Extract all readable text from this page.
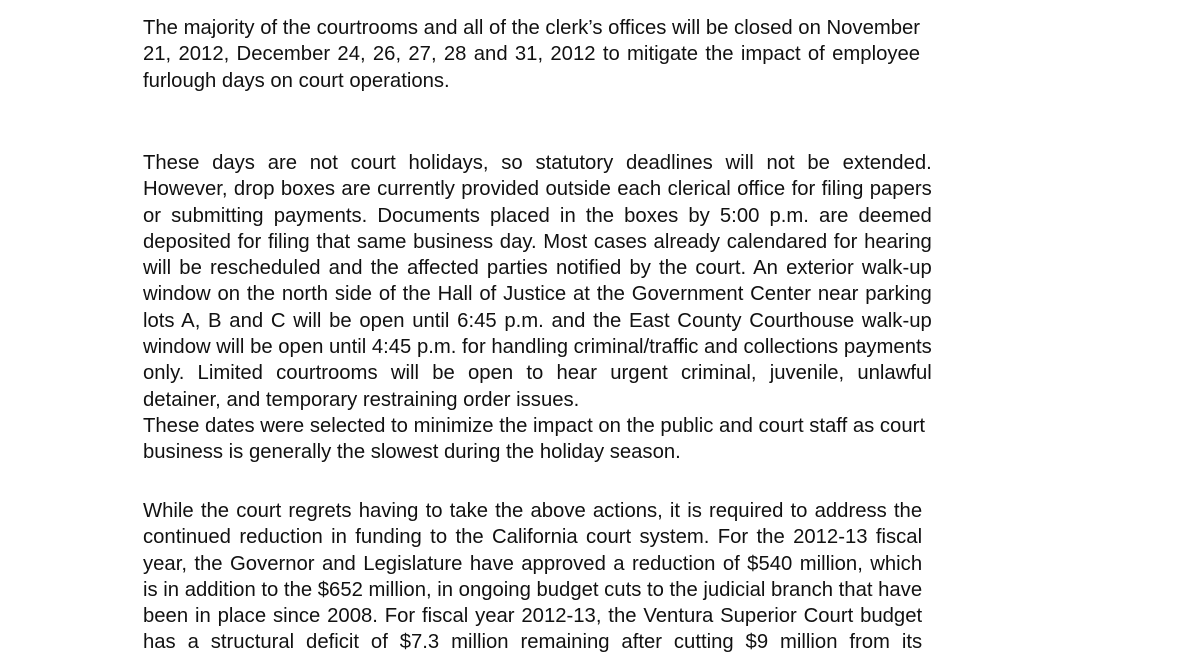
The majority of the courtrooms and all of the clerk’s offices will be closed on November
21, 2012, December 24, 26, 27, 28 and 31, 2012 to mitigate the impact of employee
furlough days on court operations.
These days are not court holidays, so statutory deadlines will not be extended.
However, drop boxes are currently provided outside each clerical office for filing papers
or submitting payments. Documents placed in the boxes by 5:00 p.m. are deemed
deposited for filing that same business day. Most cases already calendared for hearing
will be rescheduled and the affected parties notified by the court. An exterior walk-up
window on the north side of the Hall of Justice at the Government Center near parking
lots A, B and C will be open until 6:45 p.m. and the East County Courthouse walk-up
window will be open until 4:45 p.m. for handling criminal/traffic and collections payments
only. Limited courtrooms will be open to hear urgent criminal, juvenile, unlawful
detainer, and temporary restraining order issues.
These dates were selected to minimize the impact on the public and court staff as court
business is generally the slowest during the holiday season.
While the court regrets having to take the above actions, it is required to address the
continued reduction in funding to the California court system. For the 2012-13 fiscal
year, the Governor and Legislature have approved a reduction of $540 million, which
is in addition to the $652 million, in ongoing budget cuts to the judicial branch that have
been in place since 2008. For fiscal year 2012-13, the Ventura Superior Court budget
has a structural deficit of $7.3 million remaining after cutting $9 million from its
